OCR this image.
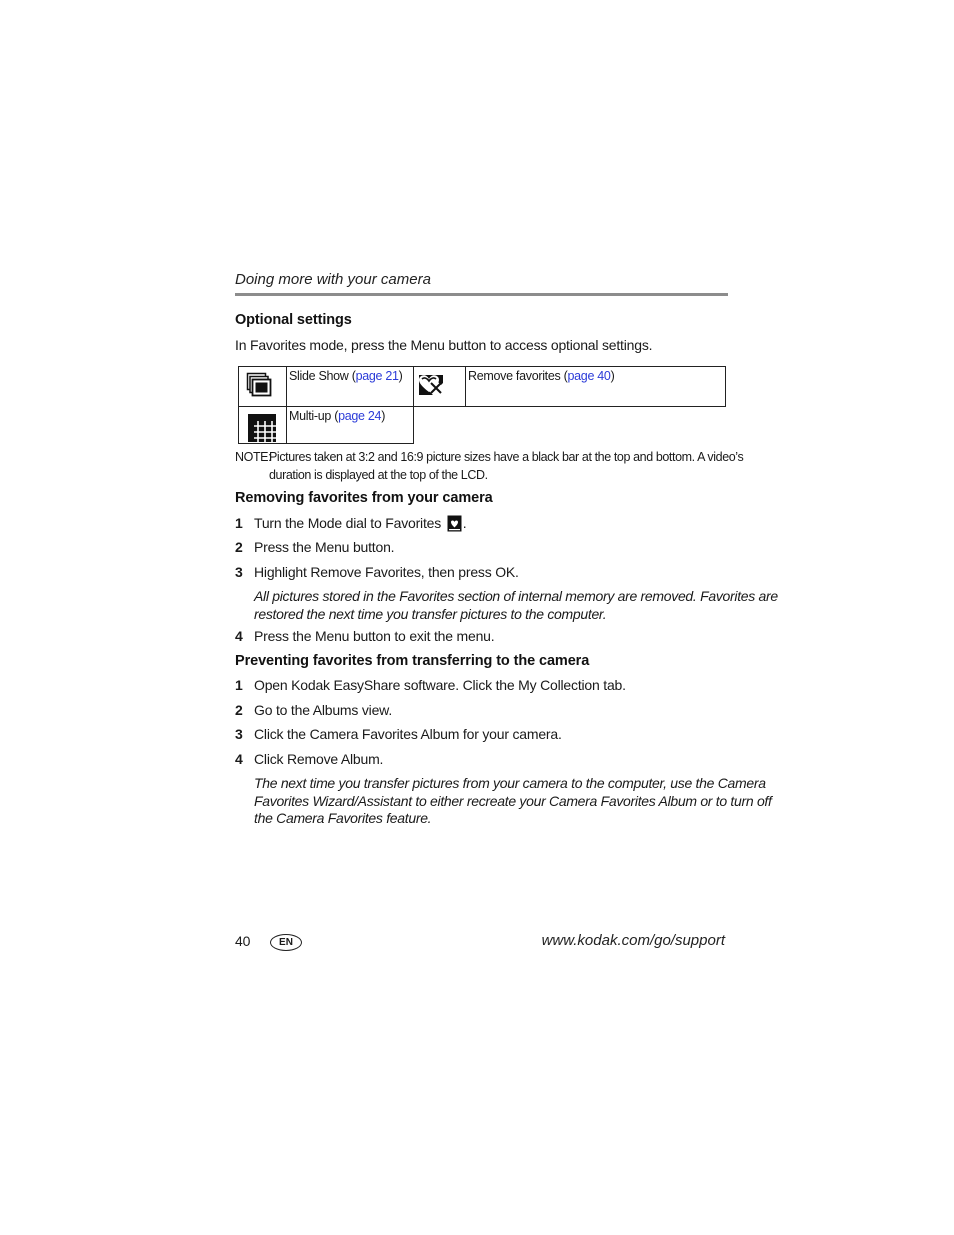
Doing more with your camera
Optional settings
In Favorites mode, press the Menu button to access optional settings.
Slide Show (page 21)	Remove favorites (page 40)
Multi-up (page 24)
NOTE:
Pictures taken at 3:2 and 16:9 picture sizes have a black bar at the top and bottom. A video’s
duration is displayed at the top of the LCD.
Removing favorites from your camera
1 Turn the Mode dial to Favorites .
2 Press the Menu button.
3 Highlight Remove Favorites, then press OK.
All pictures stored in the Favorites section of internal memory are removed. Favorites are
restored the next time you transfer pictures to the computer.
4 Press the Menu button to exit the menu.
Preventing favorites from transferring to the camera
1 Open Kodak EasyShare software. Click the My Collection tab.
2 Go to the Albums view.
3 Click the Camera Favorites Album for your camera.
4 Click Remove Album.
The next time you transfer pictures from your camera to the computer, use the Camera
Favorites Wizard/Assistant to either recreate your Camera Favorites Album or to turn off
the Camera Favorites feature.
40	EN	www.kodak.com/go/support
